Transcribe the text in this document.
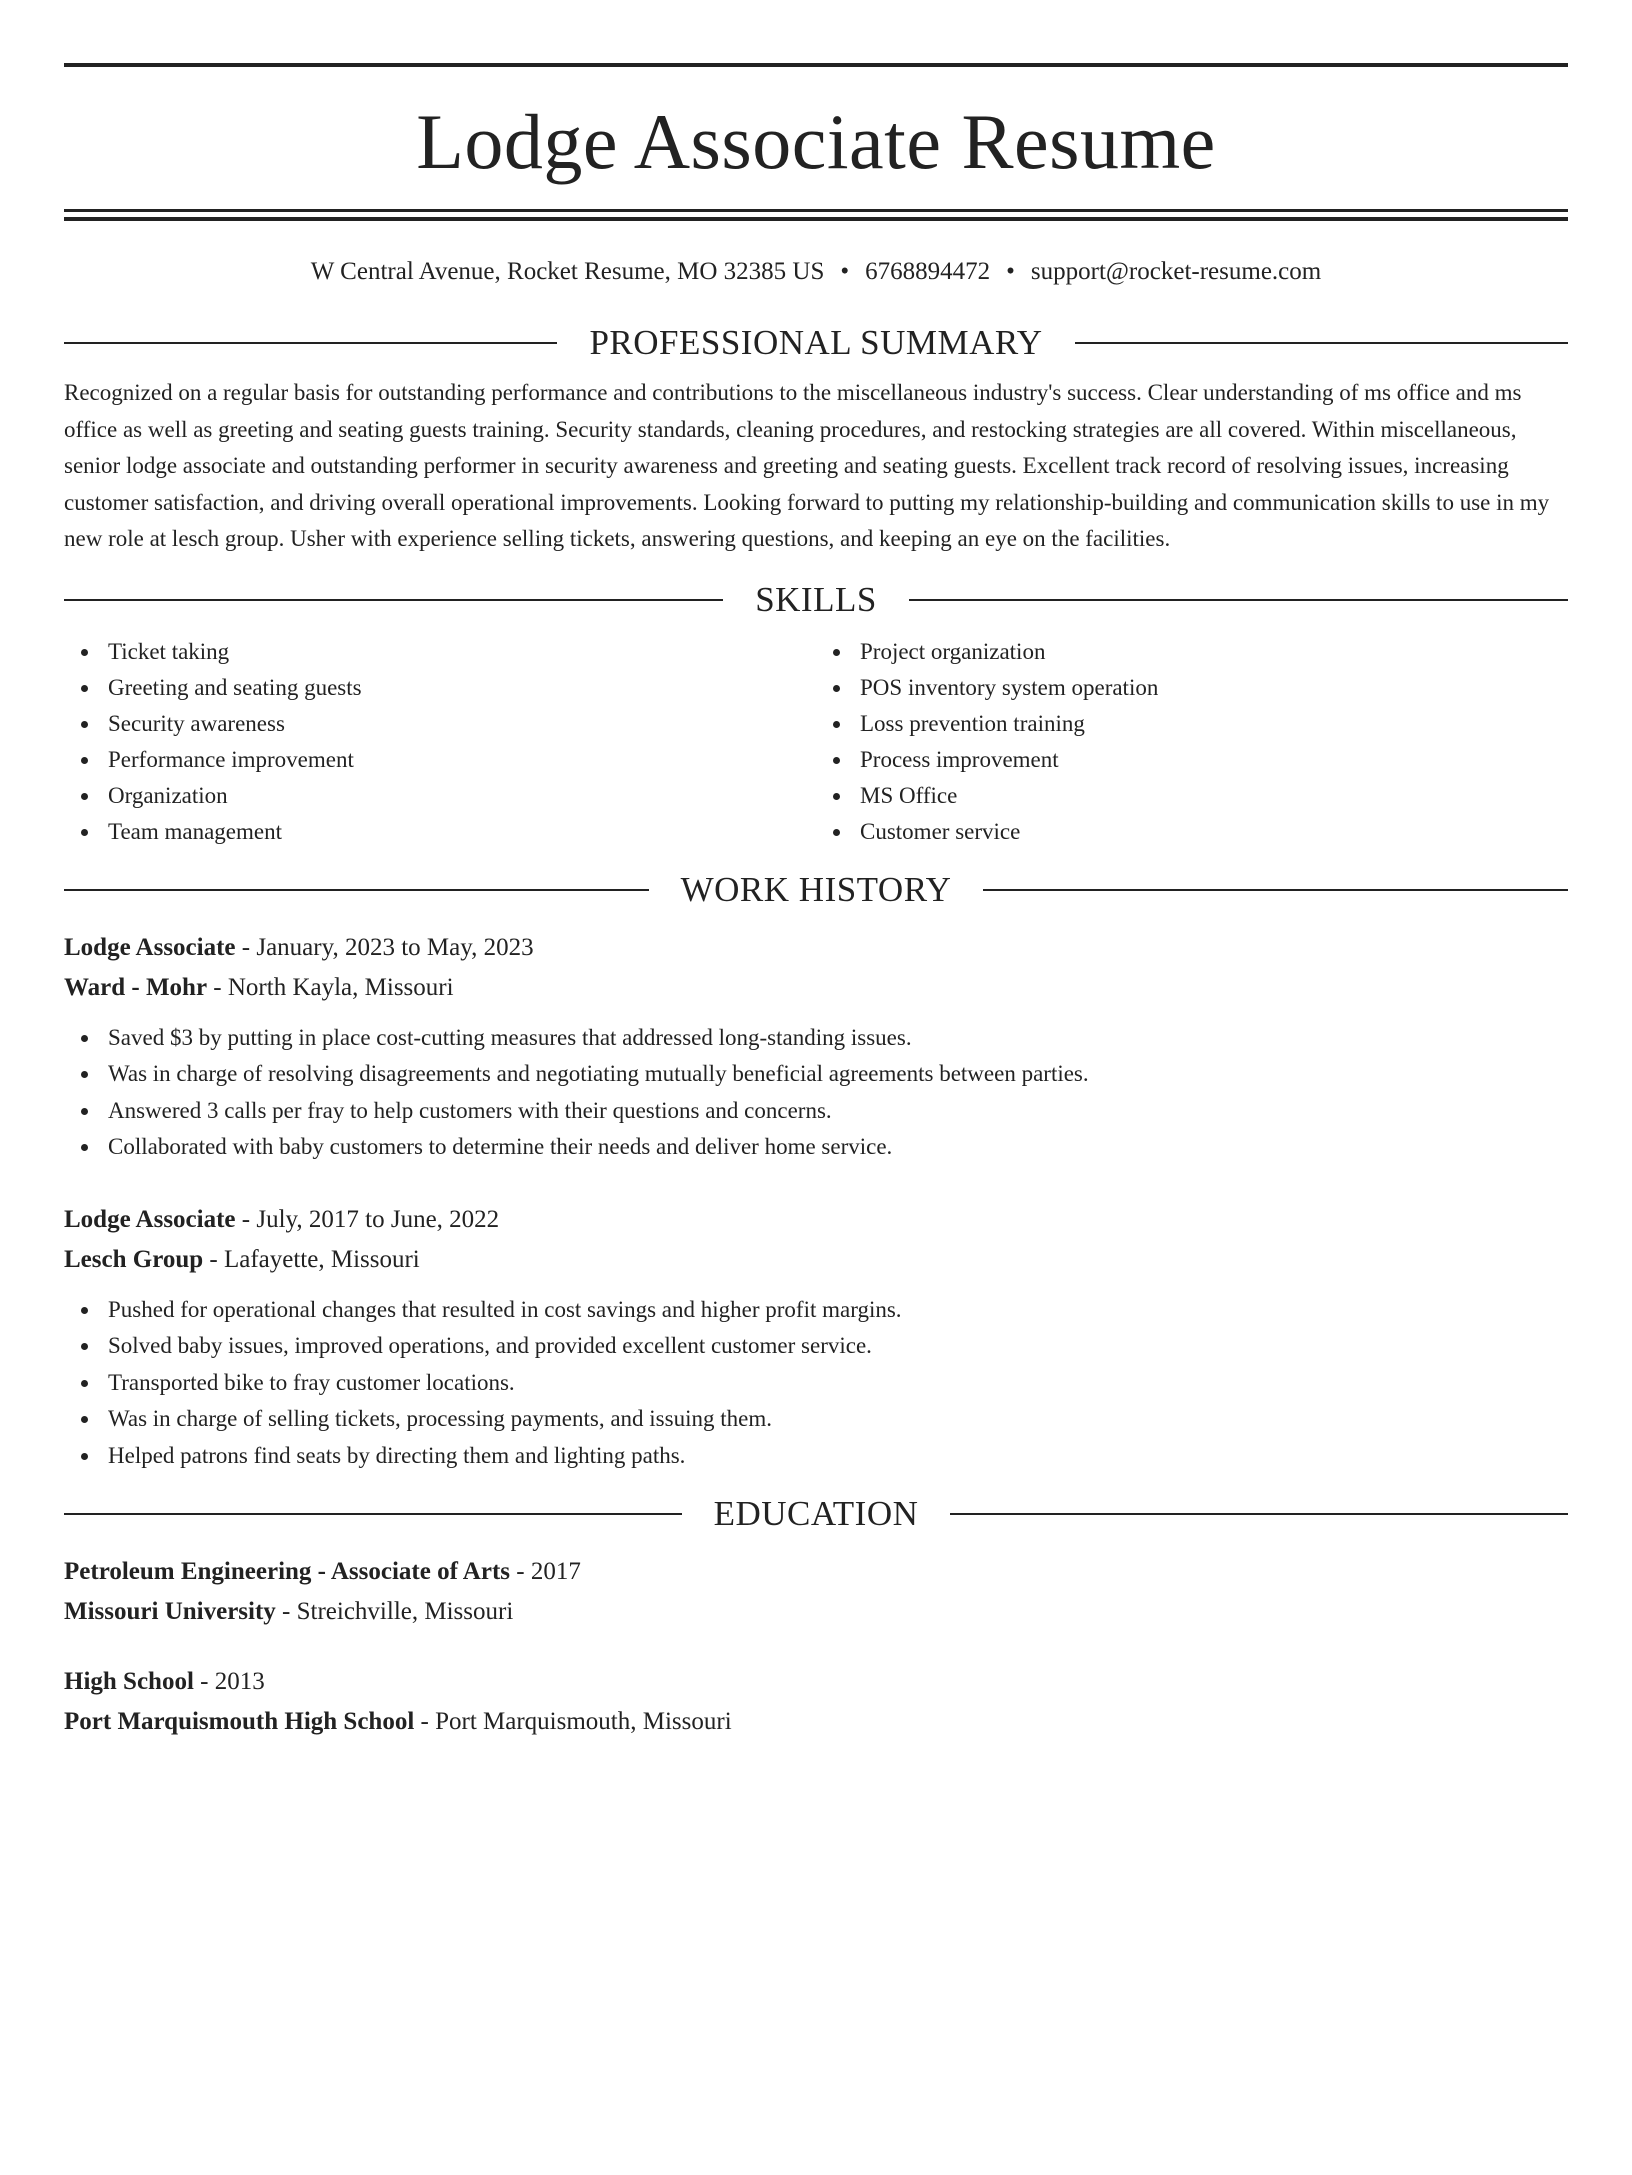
Lodge Associate Resume
W Central Avenue, Rocket Resume, MO 32385 US • 6768894472 • support@rocket-resume.com
PROFESSIONAL SUMMARY
Recognized on a regular basis for outstanding performance and contributions to the miscellaneous industry's success. Clear understanding of ms office and ms office as well as greeting and seating guests training. Security standards, cleaning procedures, and restocking strategies are all covered. Within miscellaneous, senior lodge associate and outstanding performer in security awareness and greeting and seating guests. Excellent track record of resolving issues, increasing customer satisfaction, and driving overall operational improvements. Looking forward to putting my relationship-building and communication skills to use in my new role at lesch group. Usher with experience selling tickets, answering questions, and keeping an eye on the facilities.
SKILLS
Ticket taking
Greeting and seating guests
Security awareness
Performance improvement
Organization
Team management
Project organization
POS inventory system operation
Loss prevention training
Process improvement
MS Office
Customer service
WORK HISTORY
Lodge Associate - January, 2023 to May, 2023
Ward - Mohr - North Kayla, Missouri
Saved $3 by putting in place cost-cutting measures that addressed long-standing issues.
Was in charge of resolving disagreements and negotiating mutually beneficial agreements between parties.
Answered 3 calls per fray to help customers with their questions and concerns.
Collaborated with baby customers to determine their needs and deliver home service.
Lodge Associate - July, 2017 to June, 2022
Lesch Group - Lafayette, Missouri
Pushed for operational changes that resulted in cost savings and higher profit margins.
Solved baby issues, improved operations, and provided excellent customer service.
Transported bike to fray customer locations.
Was in charge of selling tickets, processing payments, and issuing them.
Helped patrons find seats by directing them and lighting paths.
EDUCATION
Petroleum Engineering - Associate of Arts - 2017
Missouri University - Streichville, Missouri
High School - 2013
Port Marquismouth High School - Port Marquismouth, Missouri
